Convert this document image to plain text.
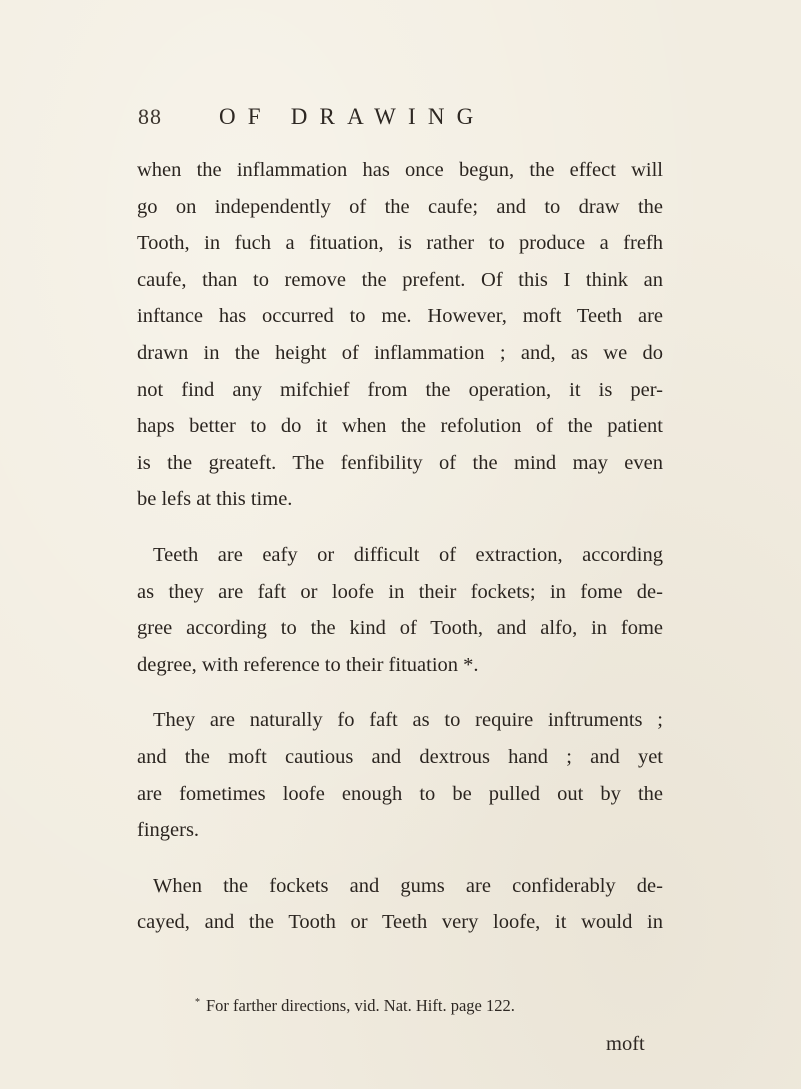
88 OF DRAWING
when the inflammation has once begun, the effect will
go on independently of the caufe; and to draw the
Tooth, in fuch a fituation, is rather to produce a frefh
caufe, than to remove the prefent. Of this I think an
inftance has occurred to me. However, moft Teeth are
drawn in the height of inflammation ; and, as we do
not find any mifchief from the operation, it is per-
haps better to do it when the refolution of the patient
is the greateft. The fenfibility of the mind may even
be lefs at this time.
Teeth are eafy or difficult of extraction, according
as they are faft or loofe in their fockets; in fome de-
gree according to the kind of Tooth, and alfo, in fome
degree, with reference to their fituation *.
They are naturally fo faft as to require inftruments ;
and the moft cautious and dextrous hand ; and yet
are fometimes loofe enough to be pulled out by the
fingers.
When the fockets and gums are confiderably de-
cayed, and the Tooth or Teeth very loofe, it would in
* For farther directions, vid. Nat. Hift. page 122.
moft
